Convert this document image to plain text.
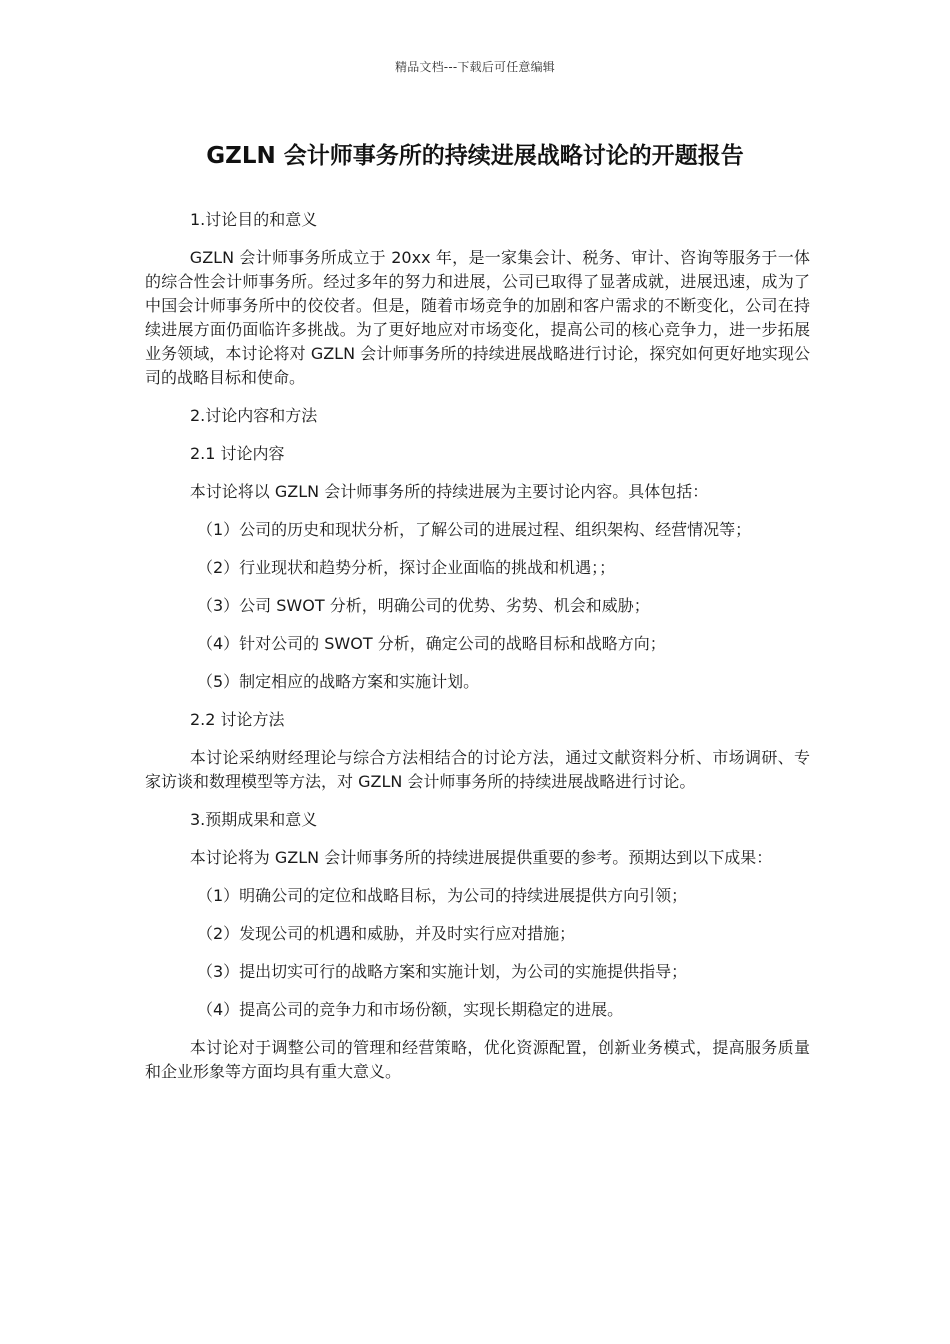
精品文档---下载后可任意编辑
GZLN 会计师事务所的持续进展战略讨论的开题报告

1.讨论目的和意义

GZLN 会计师事务所成立于 20xx 年，是一家集会计、税务、审计、咨询等服务于一体的综合性会计师事务所。经过多年的努力和进展，公司已取得了显著成就，进展迅速，成为了中国会计师事务所中的佼佼者。但是，随着市场竞争的加剧和客户需求的不断变化，公司在持续进展方面仍面临许多挑战。为了更好地应对市场变化，提高公司的核心竞争力，进一步拓展业务领域，本讨论将对 GZLN 会计师事务所的持续进展战略进行讨论，探究如何更好地实现公司的战略目标和使命。

2.讨论内容和方法

2.1 讨论内容

本讨论将以 GZLN 会计师事务所的持续进展为主要讨论内容。具体包括：

（1）公司的历史和现状分析，了解公司的进展过程、组织架构、经营情况等；

（2）行业现状和趋势分析，探讨企业面临的挑战和机遇；；

（3）公司 SWOT 分析，明确公司的优势、劣势、机会和威胁；

（4）针对公司的 SWOT 分析，确定公司的战略目标和战略方向；

（5）制定相应的战略方案和实施计划。

2.2 讨论方法

本讨论采纳财经理论与综合方法相结合的讨论方法，通过文献资料分析、市场调研、专家访谈和数理模型等方法，对 GZLN 会计师事务所的持续进展战略进行讨论。

3.预期成果和意义

本讨论将为 GZLN 会计师事务所的持续进展提供重要的参考。预期达到以下成果：

（1）明确公司的定位和战略目标，为公司的持续进展提供方向引领；

（2）发现公司的机遇和威胁，并及时实行应对措施；

（3）提出切实可行的战略方案和实施计划，为公司的实施提供指导；

（4）提高公司的竞争力和市场份额，实现长期稳定的进展。

本讨论对于调整公司的管理和经营策略，优化资源配置，创新业务模式，提高服务质量和企业形象等方面均具有重大意义。
